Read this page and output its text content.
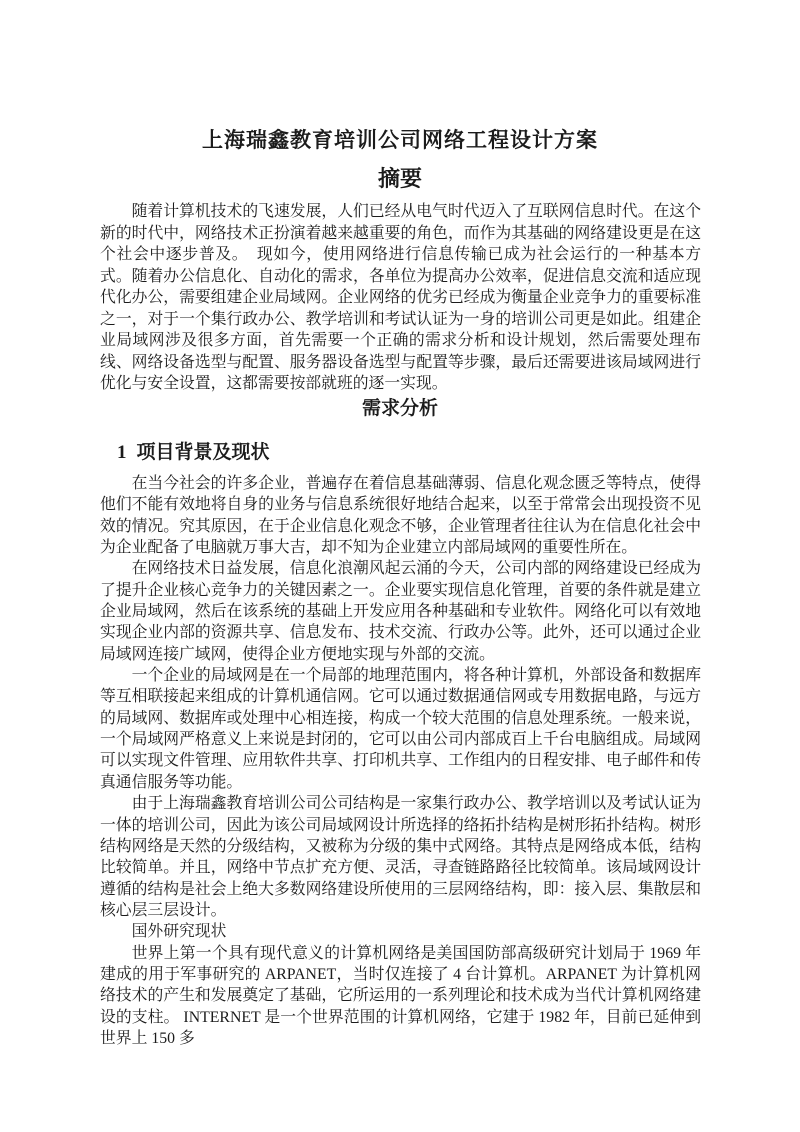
上海瑞鑫教育培训公司网络工程设计方案
摘要

随着计算机技术的飞速发展，人们已经从电气时代迈入了互联网信息时代。在这个新的时代中，网络技术正扮演着越来越重要的角色，而作为其基础的网络建设更是在这个社会中逐步普及。　现如今，使用网络进行信息传输已成为社会运行的一种基本方式。随着办公信息化、自动化的需求，各单位为提高办公效率，促进信息交流和适应现代化办公，需要组建企业局域网。企业网络的优劣已经成为衡量企业竞争力的重要标准之一，对于一个集行政办公、教学培训和考试认证为一身的培训公司更是如此。组建企业局域网涉及很多方面，首先需要一个正确的需求分析和设计规划，然后需要处理布线、网络设备选型与配置、服务器设备选型与配置等步骤，最后还需要进该局域网进行优化与安全设置，这都需要按部就班的逐一实现。

需求分析
1 项目背景及现状

在当今社会的许多企业，普遍存在着信息基础薄弱、信息化观念匮乏等特点，使得他们不能有效地将自身的业务与信息系统很好地结合起来，以至于常常会出现投资不见效的情况。究其原因，在于企业信息化观念不够，企业管理者往往认为在信息化社会中为企业配备了电脑就万事大吉，却不知为企业建立内部局域网的重要性所在。

在网络技术日益发展，信息化浪潮风起云涌的今天，公司内部的网络建设已经成为了提升企业核心竞争力的关键因素之一。企业要实现信息化管理，首要的条件就是建立企业局域网，然后在该系统的基础上开发应用各种基础和专业软件。网络化可以有效地实现企业内部的资源共享、信息发布、技术交流、行政办公等。此外，还可以通过企业局域网连接广域网，使得企业方便地实现与外部的交流。

一个企业的局域网是在一个局部的地理范围内，将各种计算机，外部设备和数据库等互相联接起来组成的计算机通信网。它可以通过数据通信网或专用数据电路，与远方的局域网、数据库或处理中心相连接，构成一个较大范围的信息处理系统。一般来说，一个局域网严格意义上来说是封闭的，它可以由公司内部成百上千台电脑组成。局域网可以实现文件管理、应用软件共享、打印机共享、工作组内的日程安排、电子邮件和传真通信服务等功能。

由于上海瑞鑫教育培训公司公司结构是一家集行政办公、教学培训以及考试认证为一体的培训公司，因此为该公司局域网设计所选择的络拓扑结构是树形拓扑结构。树形结构网络是天然的分级结构，又被称为分级的集中式网络。其特点是网络成本低，结构比较简单。并且，网络中节点扩充方便、灵活，寻查链路路径比较简单。该局域网设计遵循的结构是社会上绝大多数网络建设所使用的三层网络结构，即：接入层、集散层和核心层三层设计。

国外研究现状

世界上第一个具有现代意义的计算机网络是美国国防部高级研究计划局于 1969 年建成的用于军事研究的 ARPANET，当时仅连接了 4 台计算机。ARPANET 为计算机网络技术的产生和发展奠定了基础，它所运用的一系列理论和技术成为当代计算机网络建设的支柱。 INTERNET 是一个世界范围的计算机网络，它建于 1982 年，目前已延伸到世界上 150 多
